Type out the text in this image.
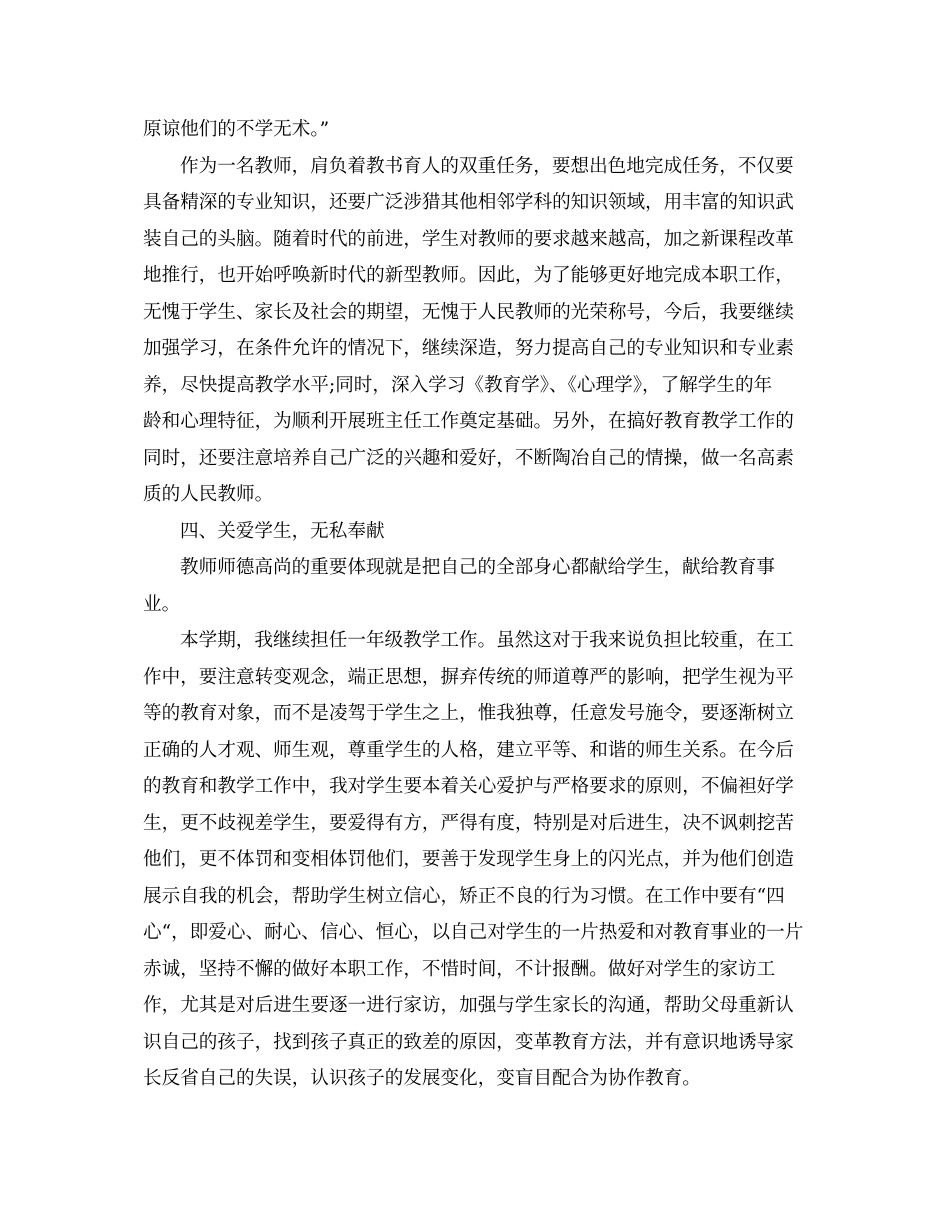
原谅他们的不学无术。”
作为一名教师，肩负着教书育人的双重任务，要想出色地完成任务，不仅要
具备精深的专业知识，还要广泛涉猎其他相邻学科的知识领域，用丰富的知识武
装自己的头脑。随着时代的前进，学生对教师的要求越来越高，加之新课程改革
地推行，也开始呼唤新时代的新型教师。因此，为了能够更好地完成本职工作，
无愧于学生、家长及社会的期望，无愧于人民教师的光荣称号，今后，我要继续
加强学习，在条件允许的情况下，继续深造，努力提高自己的专业知识和专业素
养，尽快提高教学水平;同时，深入学习《教育学》、《心理学》，了解学生的年
龄和心理特征，为顺利开展班主任工作奠定基础。另外，在搞好教育教学工作的
同时，还要注意培养自己广泛的兴趣和爱好，不断陶冶自己的情操，做一名高素
质的人民教师。
四、关爱学生，无私奉献
教师师德高尚的重要体现就是把自己的全部身心都献给学生，献给教育事
业。
本学期，我继续担任一年级教学工作。虽然这对于我来说负担比较重，在工
作中，要注意转变观念，端正思想，摒弃传统的师道尊严的影响，把学生视为平
等的教育对象，而不是凌驾于学生之上，惟我独尊，任意发号施令，要逐渐树立
正确的人才观、师生观，尊重学生的人格，建立平等、和谐的师生关系。在今后
的教育和教学工作中，我对学生要本着关心爱护与严格要求的原则，不偏袒好学
生，更不歧视差学生，要爱得有方，严得有度，特别是对后进生，决不讽刺挖苦
他们，更不体罚和变相体罚他们，要善于发现学生身上的闪光点，并为他们创造
展示自我的机会，帮助学生树立信心，矫正不良的行为习惯。在工作中要有“四
心“，即爱心、耐心、信心、恒心，以自己对学生的一片热爱和对教育事业的一片
赤诚，坚持不懈的做好本职工作，不惜时间，不计报酬。做好对学生的家访工
作，尤其是对后进生要逐一进行家访，加强与学生家长的沟通，帮助父母重新认
识自己的孩子，找到孩子真正的致差的原因，变革教育方法，并有意识地诱导家
长反省自己的失误，认识孩子的发展变化，变盲目配合为协作教育。
